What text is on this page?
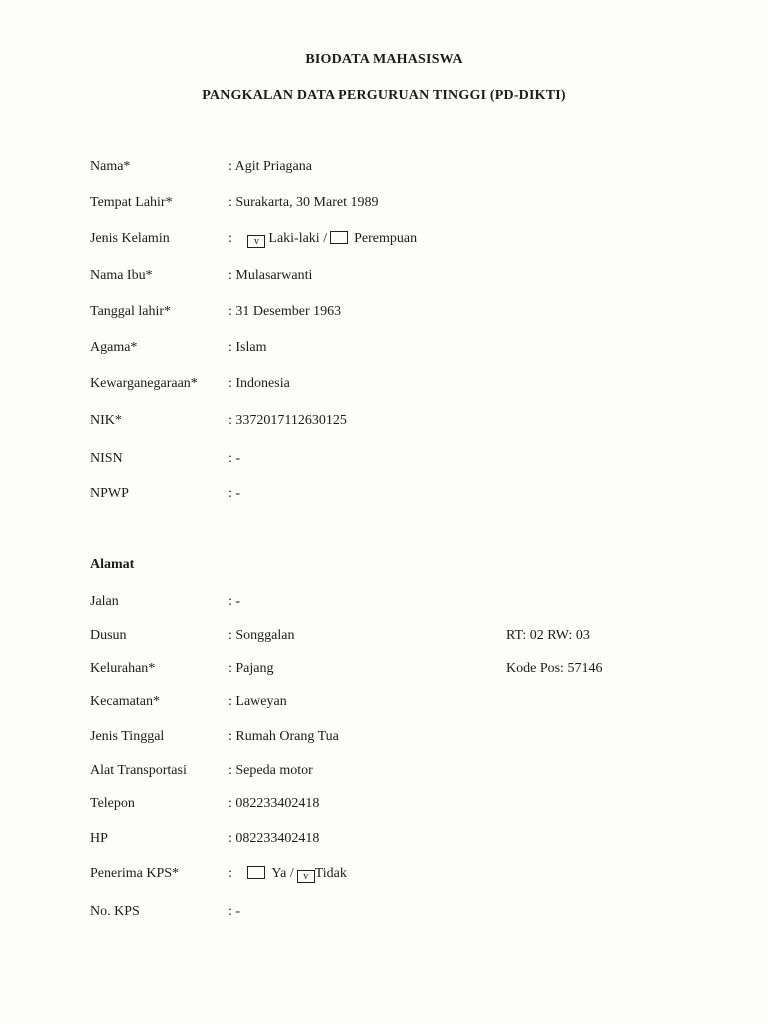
BIODATA MAHASISWA
PANGKALAN DATA PERGURUAN TINGGI (PD-DIKTI)
Nama*	: Agit Priagana
Tempat Lahir*	: Surakarta, 30 Maret 1989
Jenis Kelamin	: v Laki-laki / Perempuan
Nama Ibu*	: Mulasarwanti
Tanggal lahir*	: 31 Desember 1963
Agama*	: Islam
Kewarganegaraan* : Indonesia
NIK*	: 3372017112630125
NISN	: -
NPWP	: -
Alamat
Jalan	: -
Dusun	: Songgalan	RT: 02 RW: 03
Kelurahan*	: Pajang	Kode Pos: 57146
Kecamatan*	: Laweyan
Jenis Tinggal	: Rumah Orang Tua
Alat Transportasi	: Sepeda motor
Telepon	: 082233402418
HP	: 082233402418
Penerima KPS*	:	Ya / v Tidak
No. KPS	: -
